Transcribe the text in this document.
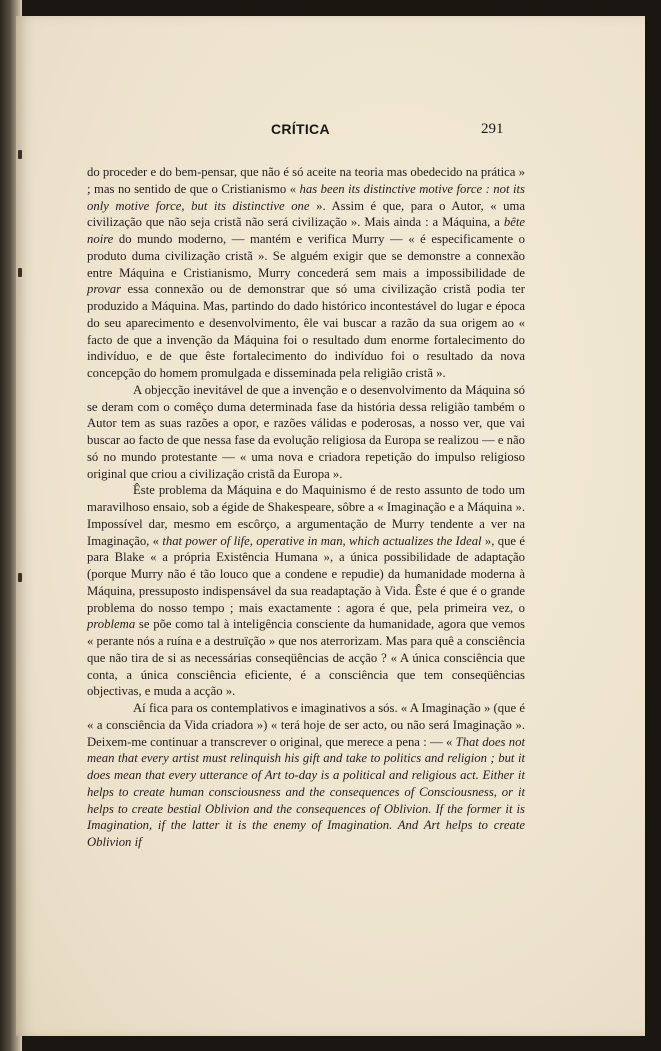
CRÍTICA	291

do proceder e do bem-pensar, que não é só aceite na teoria mas obedecido na prática » ; mas no sentido de que o Cristianismo « has been its distinctive motive force : not its only motive force, but its distinctive one ». Assim é que, para o Autor, « uma civilização que não seja cristã não será civilização ». Mais ainda : a Máquina, a bête noire do mundo moderno, — mantém e verifica Murry — « é especificamente o produto duma civilização cristã ». Se alguém exigir que se demonstre a connexão entre Máquina e Cristianismo, Murry concederá sem mais a impossibilidade de provar essa connexão ou de demonstrar que só uma civilização cristã podia ter produzido a Máquina. Mas, partindo do dado histórico incontestável do lugar e época do seu aparecimento e desenvolvimento, êle vai buscar a razão da sua origem ao « facto de que a invenção da Máquina foi o resultado dum enorme fortalecimento do indivíduo, e de que êste fortalecimento do indivíduo foi o resultado da nova concepção do homem promulgada e disseminada pela religião cristã ».

A objecção inevitável de que a invenção e o desenvolvimento da Máquina só se deram com o comêço duma determinada fase da história dessa religião também o Autor tem as suas razões a opor, e razões válidas e poderosas, a nosso ver, que vai buscar ao facto de que nessa fase da evolução religiosa da Europa se realizou — e não só no mundo protestante — « uma nova e criadora repetição do impulso religioso original que criou a civilização cristã da Europa ».

Êste problema da Máquina e do Maquinismo é de resto assunto de todo um maravilhoso ensaio, sob a égide de Shakespeare, sôbre a « Imaginação e a Máquina ». Impossível dar, mesmo em escôrço, a argumentação de Murry tendente a ver na Imaginação, « that power of life, operative in man, which actualizes the Ideal », que é para Blake « a própria Existência Humana », a única possibilidade de adaptação (porque Murry não é tão louco que a condene e repudie) da humanidade moderna à Máquina, pressuposto indispensável da sua readaptação à Vida. Êste é que é o grande problema do nosso tempo ; mais exactamente : agora é que, pela primeira vez, o problema se põe como tal à inteligência consciente da humanidade, agora que vemos « perante nós a ruína e a destruïção » que nos aterrorizam. Mas para quê a consciência que não tira de si as necessárias conseqüências de acção ? « A única consciência que conta, a única consciência eficiente, é a consciência que tem conseqüências objectivas, e muda a acção ».

Aí fica para os contemplativos e imaginativos a sós. « A Imaginação » (que é « a consciência da Vida criadora ») « terá hoje de ser acto, ou não será Imaginação ». Deixem-me continuar a transcrever o original, que merece a pena : — « That does not mean that every artist must relinquish his gift and take to politics and religion ; but it does mean that every utterance of Art to-day is a political and religious act. Either it helps to create human consciousness and the consequences of Consciousness, or it helps to create bestial Oblivion and the consequences of Oblivion. If the former it is Imagination, if the latter it is the enemy of Imagination. And Art helps to create Oblivion if
